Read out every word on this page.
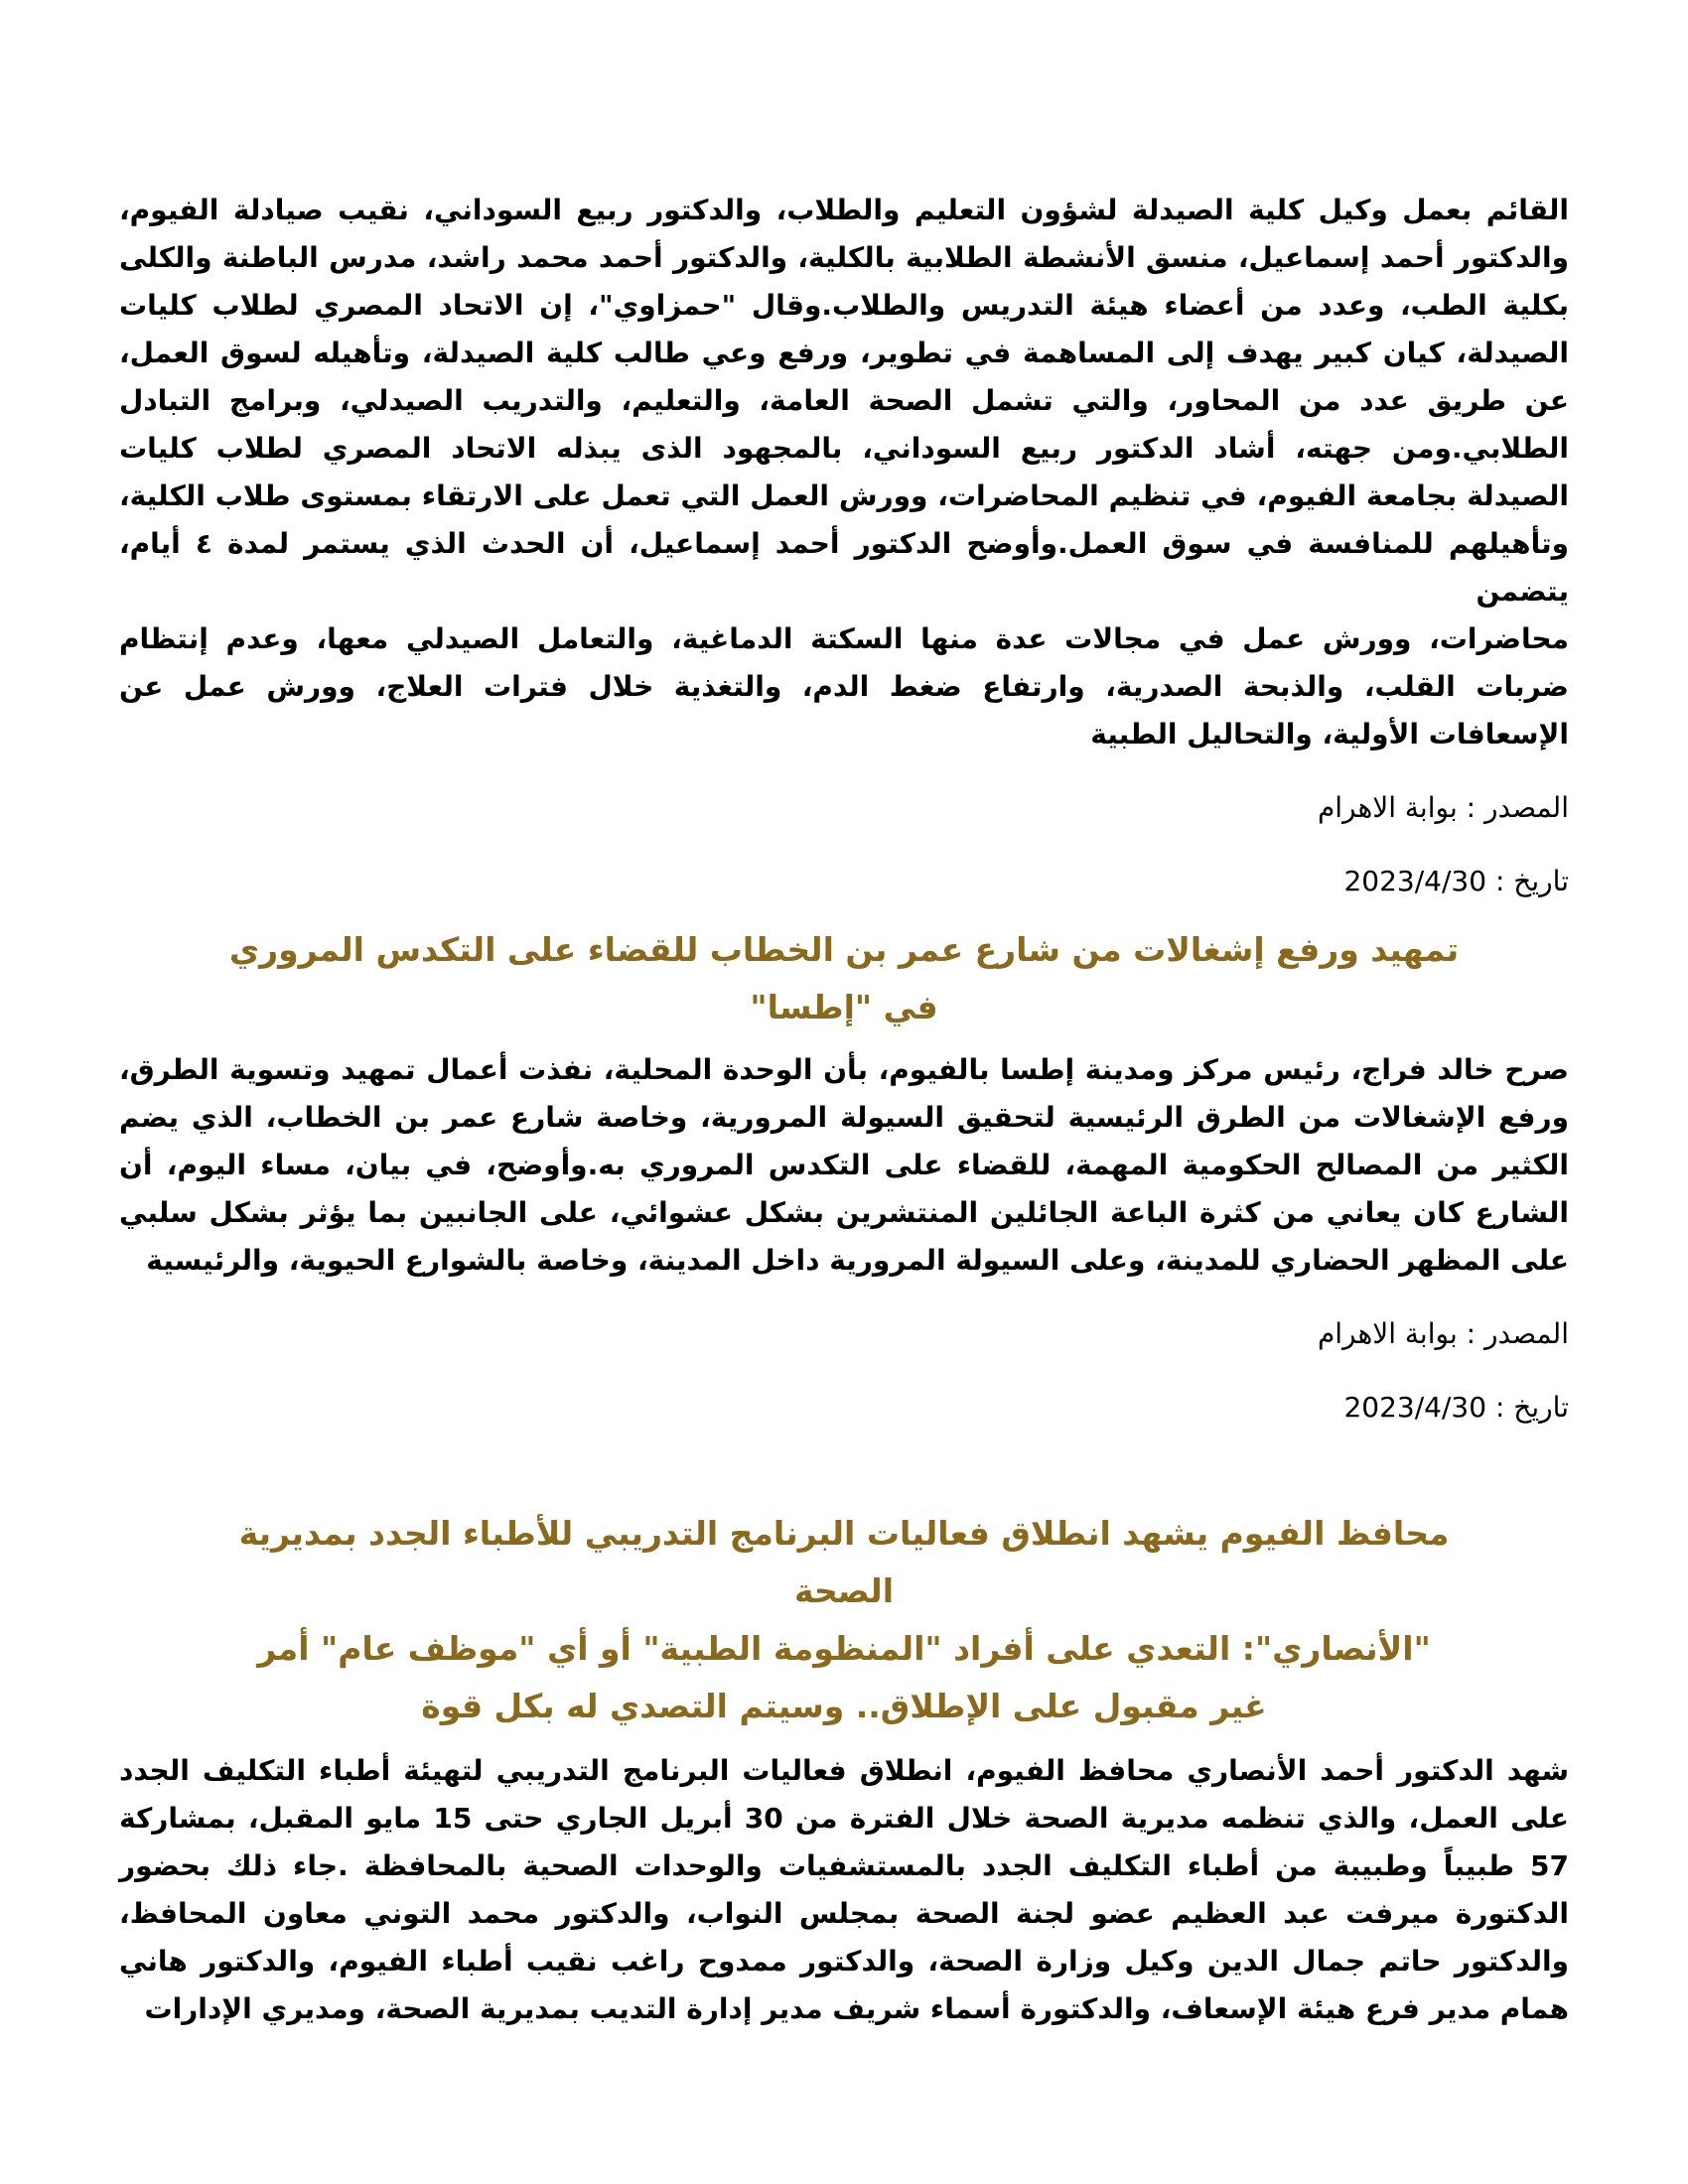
القائم بعمل وكيل كلية الصيدلة لشؤون التعليم والطلاب، والدكتور ربيع السوداني، نقيب صيادلة الفيوم،
والدكتور أحمد إسماعيل، منسق الأنشطة الطلابية بالكلية، والدكتور أحمد محمد راشد، مدرس الباطنة والكلى
بكلية الطب، وعدد من أعضاء هيئة التدريس والطلاب.وقال "حمزاوي"، إن الاتحاد المصري لطلاب كليات
الصيدلة، كيان كبير يهدف إلى المساهمة في تطوير، ورفع وعي طالب كلية الصيدلة، وتأهيله لسوق العمل،
عن طريق عدد من المحاور، والتي تشمل الصحة العامة، والتعليم، والتدريب الصيدلي، وبرامج التبادل
الطلابي.ومن جهته، أشاد الدكتور ربيع السوداني، بالمجهود الذى يبذله الاتحاد المصري لطلاب كليات
الصيدلة بجامعة الفيوم، في تنظيم المحاضرات، وورش العمل التي تعمل على الارتقاء بمستوى طلاب الكلية،
وتأهيلهم للمنافسة في سوق العمل.وأوضح الدكتور أحمد إسماعيل، أن الحدث الذي يستمر لمدة ٤ أيام، يتضمن
محاضرات، وورش عمل في مجالات عدة منها السكتة الدماغية، والتعامل الصيدلي معها، وعدم إنتظام
ضربات القلب، والذبحة الصدرية، وارتفاع ضغط الدم، والتغذية خلال فترات العلاج، وورش عمل عن
الإسعافات الأولية، والتحاليل الطبية
المصدر : بوابة الاهرام
تاريخ : 2023/4/30
تمهيد ورفع إشغالات من شارع عمر بن الخطاب للقضاء على التكدس المروري
في "إطسا"
صرح خالد فراج، رئيس مركز ومدينة إطسا بالفيوم، بأن الوحدة المحلية، نفذت أعمال تمهيد وتسوية الطرق،
ورفع الإشغالات من الطرق الرئيسية لتحقيق السيولة المرورية، وخاصة شارع عمر بن الخطاب، الذي يضم
الكثير من المصالح الحكومية المهمة، للقضاء على التكدس المروري به.وأوضح، في بيان، مساء اليوم، أن
الشارع كان يعاني من كثرة الباعة الجائلين المنتشرين بشكل عشوائي، على الجانبين بما يؤثر بشكل سلبي
على المظهر الحضاري للمدينة، وعلى السيولة المرورية داخل المدينة، وخاصة بالشوارع الحيوية، والرئيسية
المصدر : بوابة الاهرام
تاريخ : 2023/4/30
محافظ الفيوم يشهد انطلاق فعاليات البرنامج التدريبي للأطباء الجدد بمديرية
الصحة
"الأنصاري": التعدي على أفراد "المنظومة الطبية" أو أي "موظف عام" أمر
غير مقبول على الإطلاق.. وسيتم التصدي له بكل قوة
شهد الدكتور أحمد الأنصاري محافظ الفيوم، انطلاق فعاليات البرنامج التدريبي لتهيئة أطباء التكليف الجدد
على العمل، والذي تنظمه مديرية الصحة خلال الفترة من 30 أبريل الجاري حتى 15 مايو المقبل، بمشاركة
57 طبيباً وطبيبة من أطباء التكليف الجدد بالمستشفيات والوحدات الصحية بالمحافظة .جاء ذلك بحضور
الدكتورة ميرفت عبد العظيم عضو لجنة الصحة بمجلس النواب، والدكتور محمد التوني معاون المحافظ،
والدكتور حاتم جمال الدين وكيل وزارة الصحة، والدكتور ممدوح راغب نقيب أطباء الفيوم، والدكتور هاني
همام مدير فرع هيئة الإسعاف، والدكتورة أسماء شريف مدير إدارة التديب بمديرية الصحة، ومديري الإدارات
